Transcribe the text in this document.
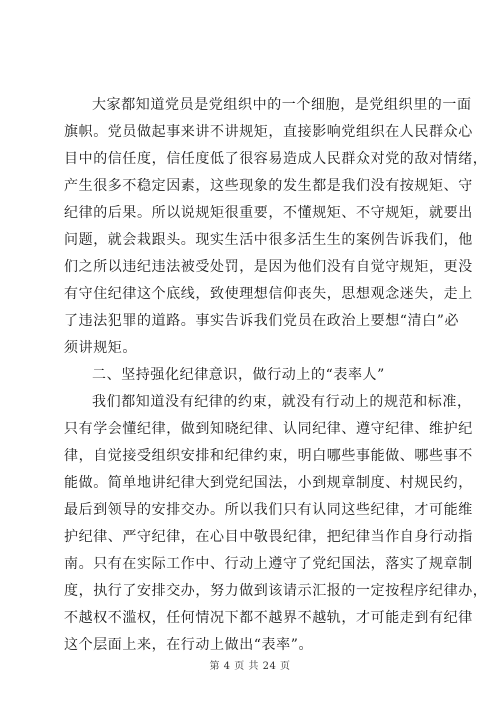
大家都知道党员是党组织中的一个细胞，是党组织里的一面
旗帜。党员做起事来讲不讲规矩，直接影响党组织在人民群众心
目中的信任度，信任度低了很容易造成人民群众对党的敌对情绪，
产生很多不稳定因素，这些现象的发生都是我们没有按规矩、守
纪律的后果。所以说规矩很重要，不懂规矩、不守规矩，就要出
问题，就会栽跟头。现实生活中很多活生生的案例告诉我们，他
们之所以违纪违法被受处罚，是因为他们没有自觉守规矩，更没
有守住纪律这个底线，致使理想信仰丧失，思想观念迷失，走上
了违法犯罪的道路。事实告诉我们党员在政治上要想“清白”必
须讲规矩。
二、坚持强化纪律意识，做行动上的“表率人”
我们都知道没有纪律的约束，就没有行动上的规范和标准，
只有学会懂纪律，做到知晓纪律、认同纪律、遵守纪律、维护纪
律，自觉接受组织安排和纪律约束，明白哪些事能做、哪些事不
能做。简单地讲纪律大到党纪国法，小到规章制度、村规民约，
最后到领导的安排交办。所以我们只有认同这些纪律，才可能维
护纪律、严守纪律，在心目中敬畏纪律，把纪律当作自身行动指
南。只有在实际工作中、行动上遵守了党纪国法，落实了规章制
度，执行了安排交办，努力做到该请示汇报的一定按程序纪律办，
不越权不滥权，任何情况下都不越界不越轨，才可能走到有纪律
这个层面上来，在行动上做出“表率”。
第 4 页 共 24 页
